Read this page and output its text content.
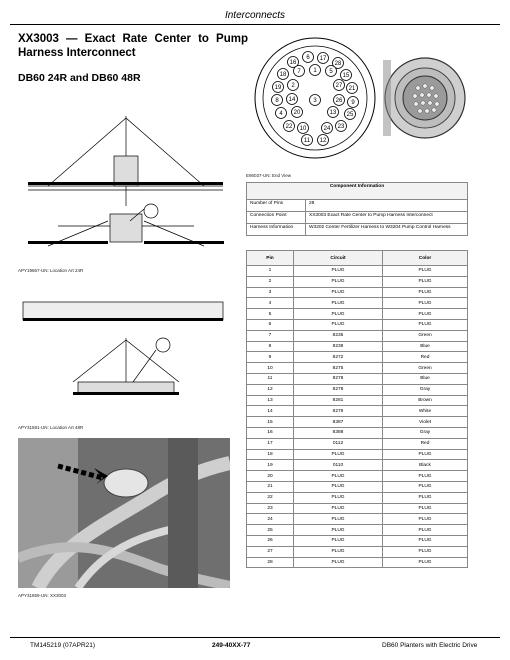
Interconnects
XX3003 — Exact Rate Center to Pump Harness Interconnect
DB60 24R and DB60 48R
16
6 17
28
18 7 1 5
15
19 2	27 21
8 14	26 9
4 20
3
13 25
22 10	24 23
11 12
E96037-UN: End View
APY19667-UN: Location Art 24R
APY31591-UN: Location Art 48R
APY31859-UN: XX3003
Component Information	
Number of Pins	28
Connection Point	XX3003 Exact Rate Center to Pump Harness Interconnect
Harness Information	W3202 Center Fertilizer Harness to W3204 Pump Control Harness
Pin	Circuit	Color
1	PLUG	PLUG
2	PLUG	PLUG
3	PLUG	PLUG
4	PLUG	PLUG
5	PLUG	PLUG
6	PLUG	PLUG
7	8235	Green
8	8238	Blue
9	8272	Red
10	8275	Green
11	8278	Blue
12	8278	Gray
13	8281	Brown
14	8279	White
15	8387	Violet
16	8388	Gray
17	0112	Red
18	PLUG	PLUG
19	0110	Black
20	PLUG	PLUG
21	PLUG	PLUG
22	PLUG	PLUG
23	PLUG	PLUG
24	PLUG	PLUG
25	PLUG	PLUG
26	PLUG	PLUG
27	PLUG	PLUG
28	PLUG	PLUG
TM145219 (07APR21)	249-40XX-77	DB60 Planters with Electric Drive
